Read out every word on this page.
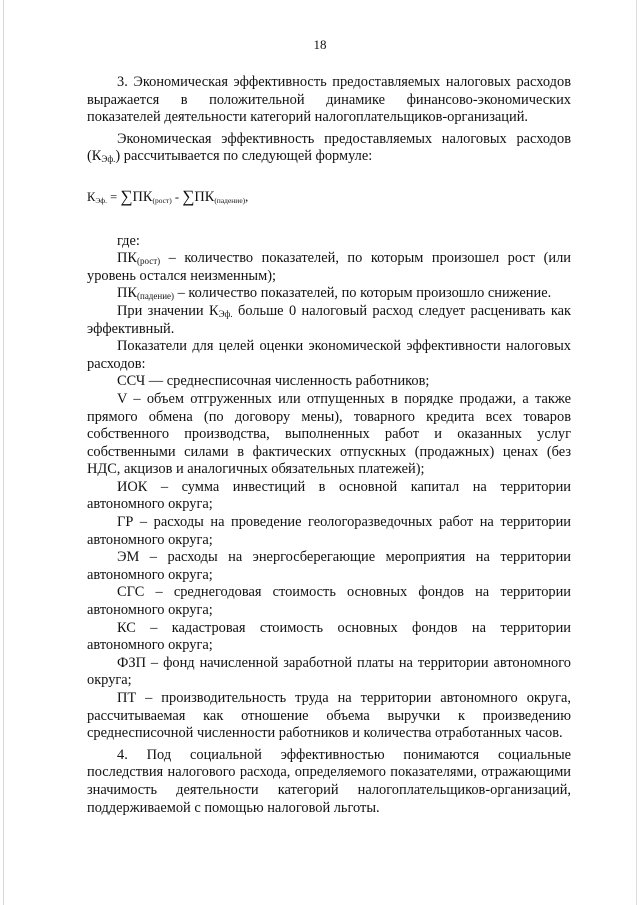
18

3. Экономическая эффективность предоставляемых налоговых расходов выражается в положительной динамике финансово-экономических показателей деятельности категорий налогоплательщиков-организаций.

Экономическая эффективность предоставляемых налоговых расходов $(К_{Эф.})$ рассчитывается по следующей формуле:

$К_{Эф.} = \sum ПК_{(рост)} - \sum ПК_{(падение)}$,

где:

$ПК_{(рост)}$ – количество показателей, по которым произошел рост (или уровень остался неизменным);

$ПК_{(падение)}$ – количество показателей, по которым произошло снижение.

При значении $К_{Эф.}$ больше 0 налоговый расход следует расценивать как эффективный.

Показатели для целей оценки экономической эффективности налоговых расходов:

ССЧ — среднесписочная численность работников;

V – объем отгруженных или отпущенных в порядке продажи, а также прямого обмена (по договору мены), товарного кредита всех товаров собственного производства, выполненных работ и оказанных услуг собственными силами в фактических отпускных (продажных) ценах (без НДС, акцизов и аналогичных обязательных платежей);

ИОК – сумма инвестиций в основной капитал на территории автономного округа;

ГР – расходы на проведение геологоразведочных работ на территории автономного округа;

ЭМ – расходы на энергосберегающие мероприятия на территории автономного округа;

СГС – среднегодовая стоимость основных фондов на территории автономного округа;

КС – кадастровая стоимость основных фондов на территории автономного округа;

ФЗП – фонд начисленной заработной платы на территории автономного округа;

ПТ – производительность труда на территории автономного округа, рассчитываемая как отношение объема выручки к произведению среднесписочной численности работников и количества отработанных часов.

4. Под социальной эффективностью понимаются социальные последствия налогового расхода, определяемого показателями, отражающими значимость деятельности категорий налогоплательщиков-организаций, поддерживаемой с помощью налоговой льготы.
